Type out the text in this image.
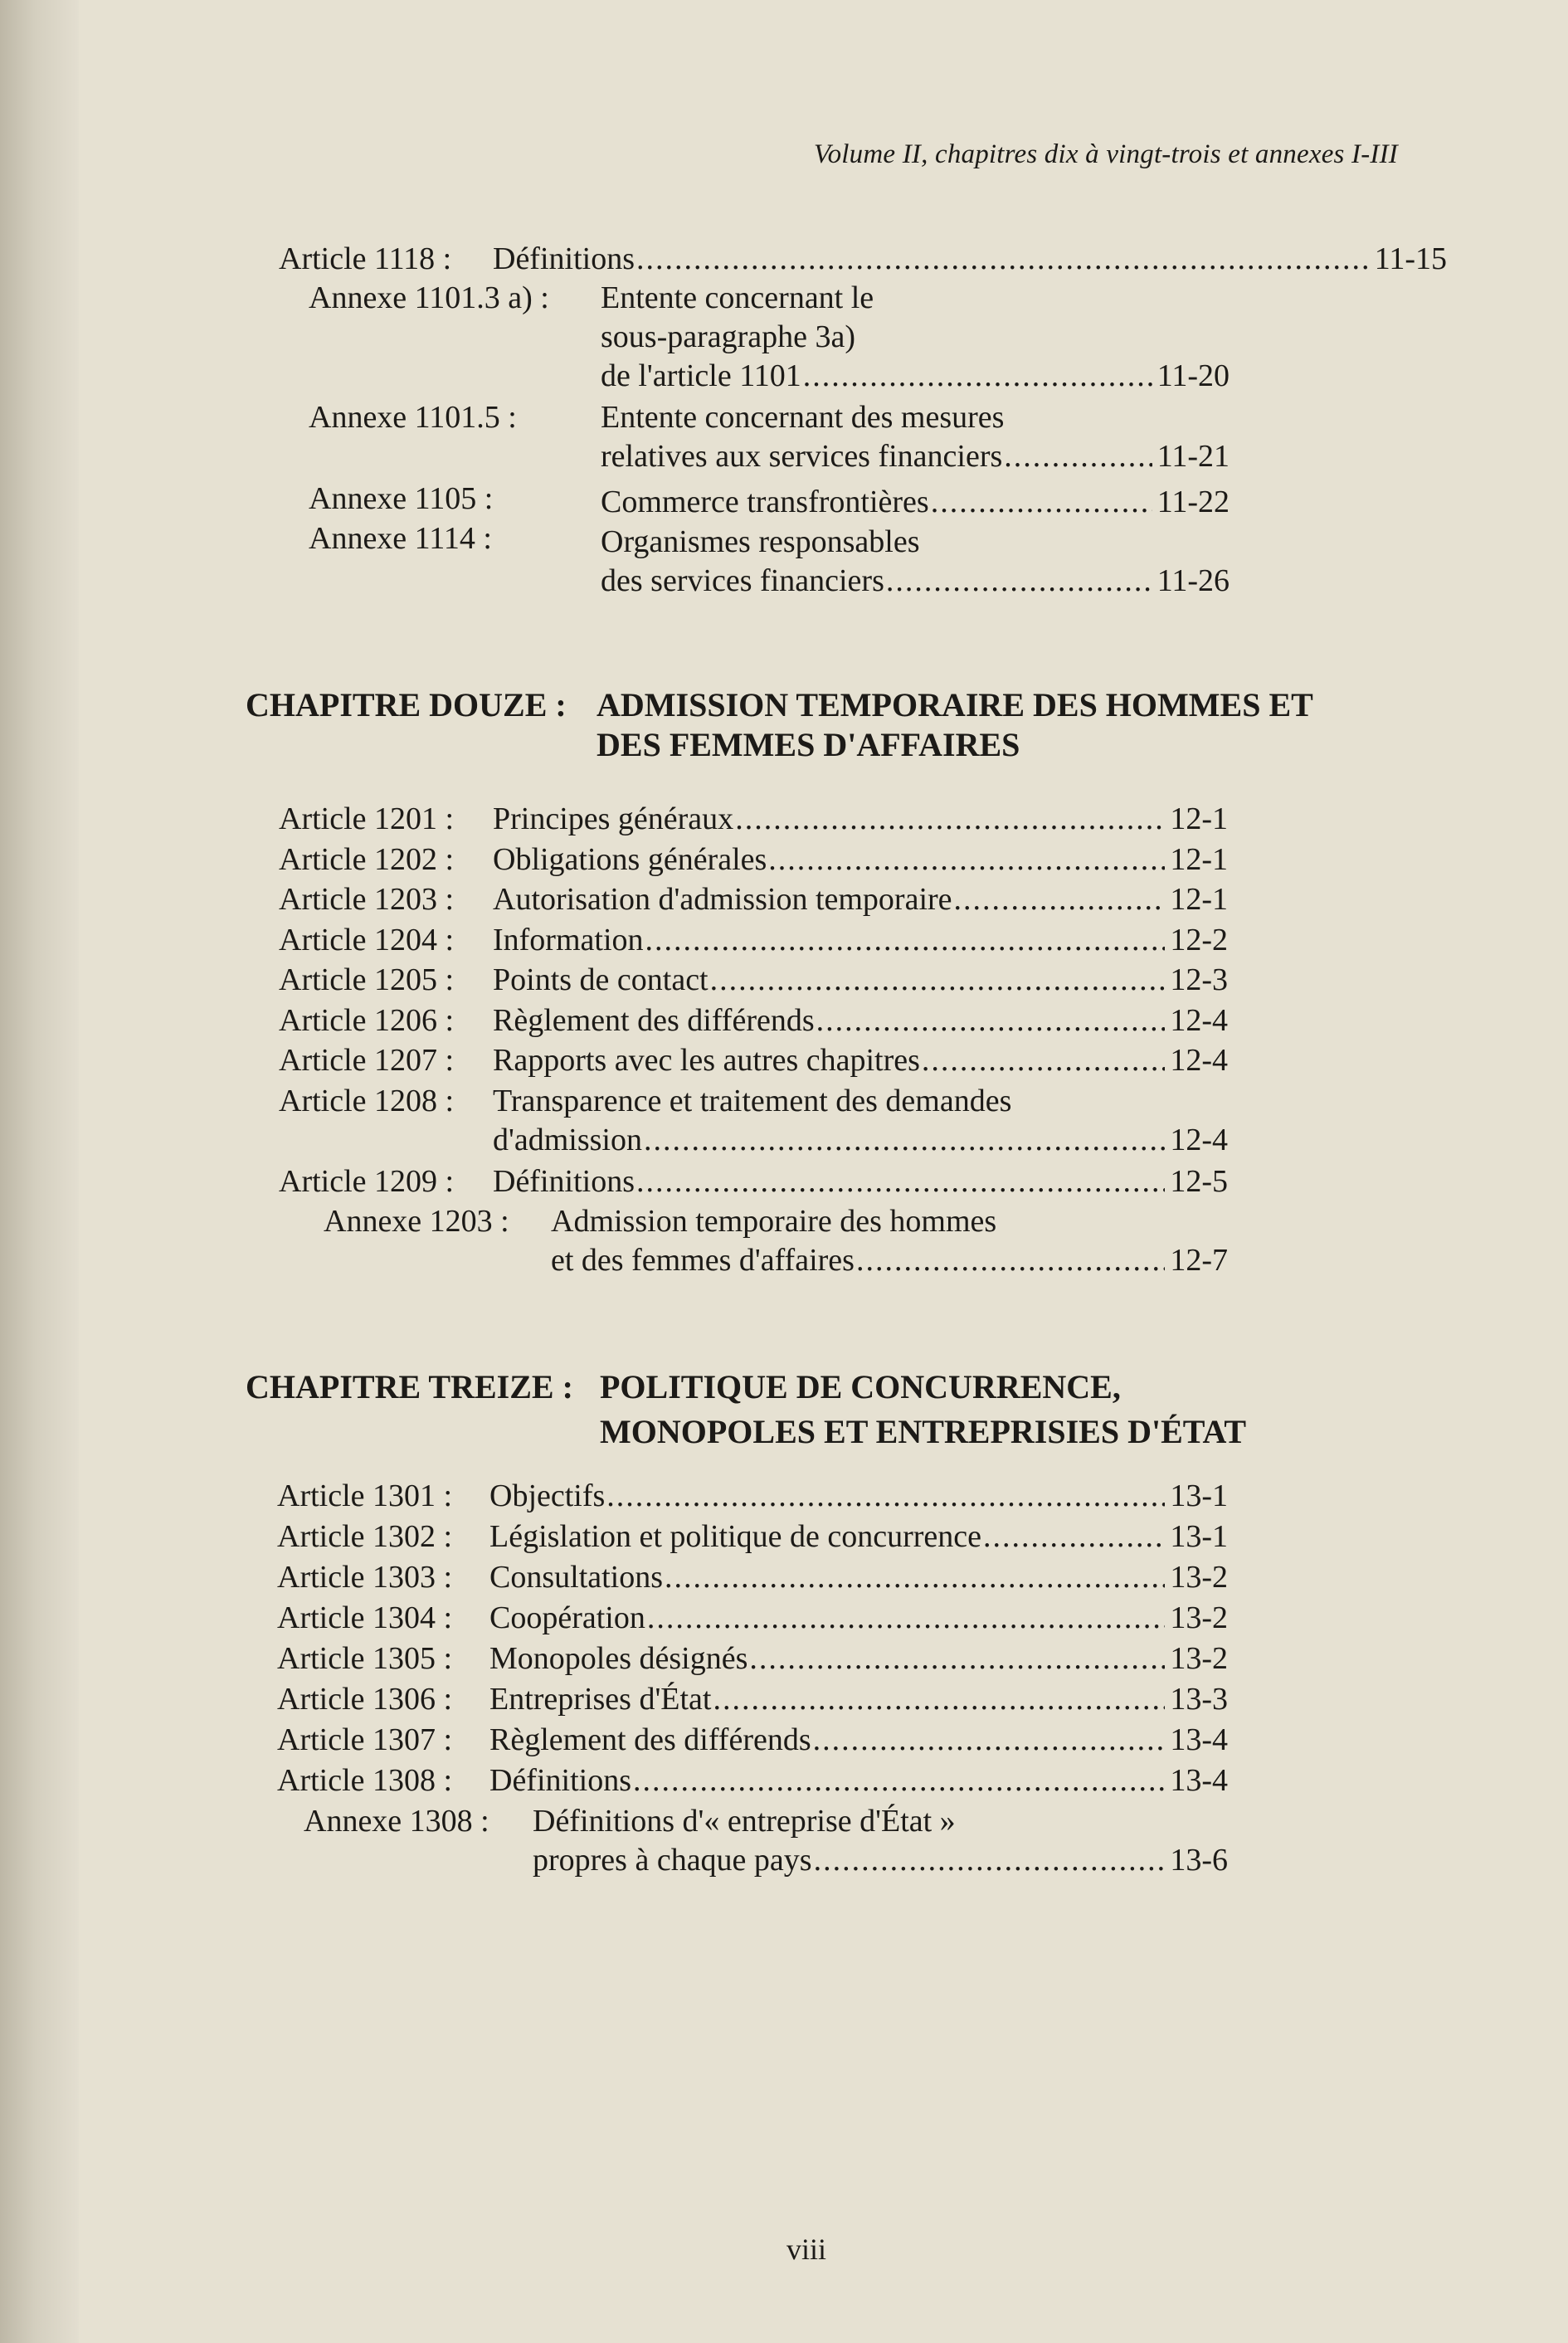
Volume II, chapitres dix à vingt-trois et annexes I-III
Article 1118 : Définitions .....	11-15
Annexe 1101.3 a) : Entente concernant le
sous-paragraphe 3a)
de l'article 1101 .....	11-20
Annexe 1101.5 :	Entente concernant des mesures
relatives aux services financiers .....	11-21
Annexe 1105 :	Commerce transfrontières .....	11-22
Annexe 1114 :	Organismes responsables
des services financiers .....	11-26
CHAPITRE DOUZE : ADMISSION TEMPORAIRE DES HOMMES ET
DES FEMMES D'AFFAIRES
Article 1201 : Principes généraux .....	12-1
Article 1202 : Obligations générales .....	12-1
Article 1203 : Autorisation d'admission temporaire .....	12-1
Article 1204 : Information .....	12-2
Article 1205 : Points de contact .....	12-3
Article 1206 : Règlement des différends .....	12-4
Article 1207 : Rapports avec les autres chapitres .....	12-4
Article 1208 : Transparence et traitement des demandes
d'admission .....	12-4
Article 1209 : Définitions .....	12-5
Annexe 1203 : Admission temporaire des hommes
et des femmes d'affaires .....	12-7
CHAPITRE TREIZE : POLITIQUE DE CONCURRENCE,
MONOPOLES ET ENTREPRISIES D'ÉTAT
Article 1301 : Objectifs .....	13-1
Article 1302 : Législation et politique de concurrence .....	13-1
Article 1303 : Consultations .....	13-2
Article 1304 : Coopération .....	13-2
Article 1305 : Monopoles désignés .....	13-2
Article 1306 : Entreprises d'État .....	13-3
Article 1307 : Règlement des différends .....	13-4
Article 1308 : Définitions .....	13-4
Annexe 1308 : Définitions d'« entreprise d'État »
propres à chaque pays .....	13-6
viii
